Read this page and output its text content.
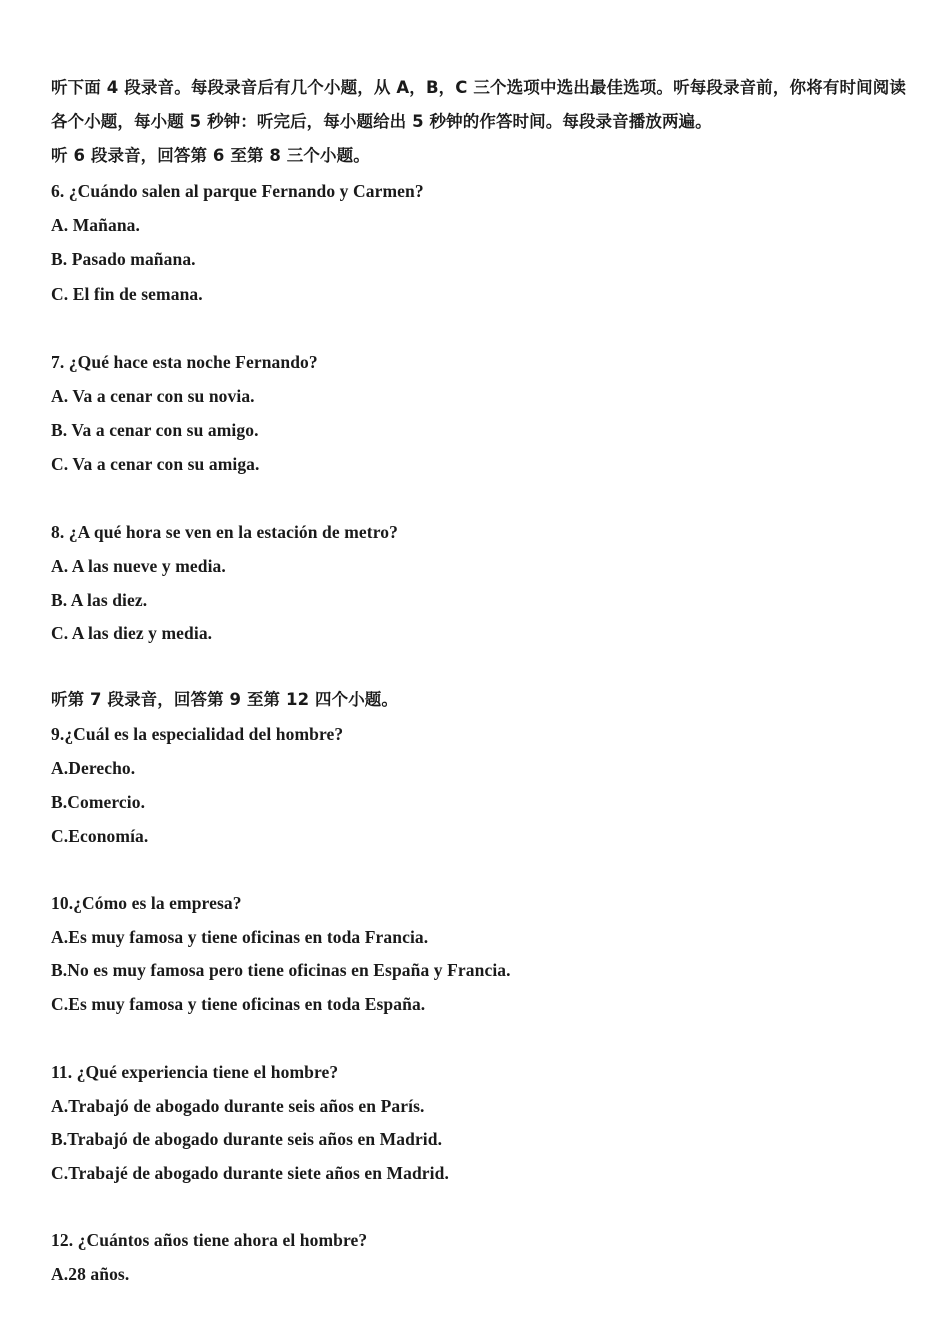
听下面 4 段录音。每段录音后有几个小题，从 A，B，C 三个选项中选出最佳选项。听每段录音前，你将有时间阅读各个小题，每小题 5 秒钟：听完后，每小题给出 5 秒钟的作答时间。每段录音播放两遍。
听 6 段录音，回答第 6 至第 8 三个小题。
6. ¿Cuándo salen al parque Fernando y Carmen?
A. Mañana.
B. Pasado mañana.
C. El fin de semana.
7. ¿Qué hace esta noche Fernando?
A. Va a cenar con su novia.
B. Va a cenar con su amigo.
C. Va a cenar con su amiga.
8. ¿A qué hora se ven en la estación de metro?
A. A las nueve y media.
B. A las diez.
C. A las diez y media.
听第 7 段录音，回答第 9 至第 12 四个小题。
9.¿Cuál es la especialidad del hombre?
A.Derecho.
B.Comercio.
C.Economía.
10.¿Cómo es la empresa?
A.Es muy famosa y tiene oficinas en toda Francia.
B.No es muy famosa pero tiene oficinas en España y Francia.
C.Es muy famosa y tiene oficinas en toda España.
11. ¿Qué experiencia tiene el hombre?
A.Trabajó de abogado durante seis años en París.
B.Trabajó de abogado durante seis años en Madrid.
C.Trabajé de abogado durante siete años en Madrid.
12. ¿Cuántos años tiene ahora el hombre?
A.28 años.
